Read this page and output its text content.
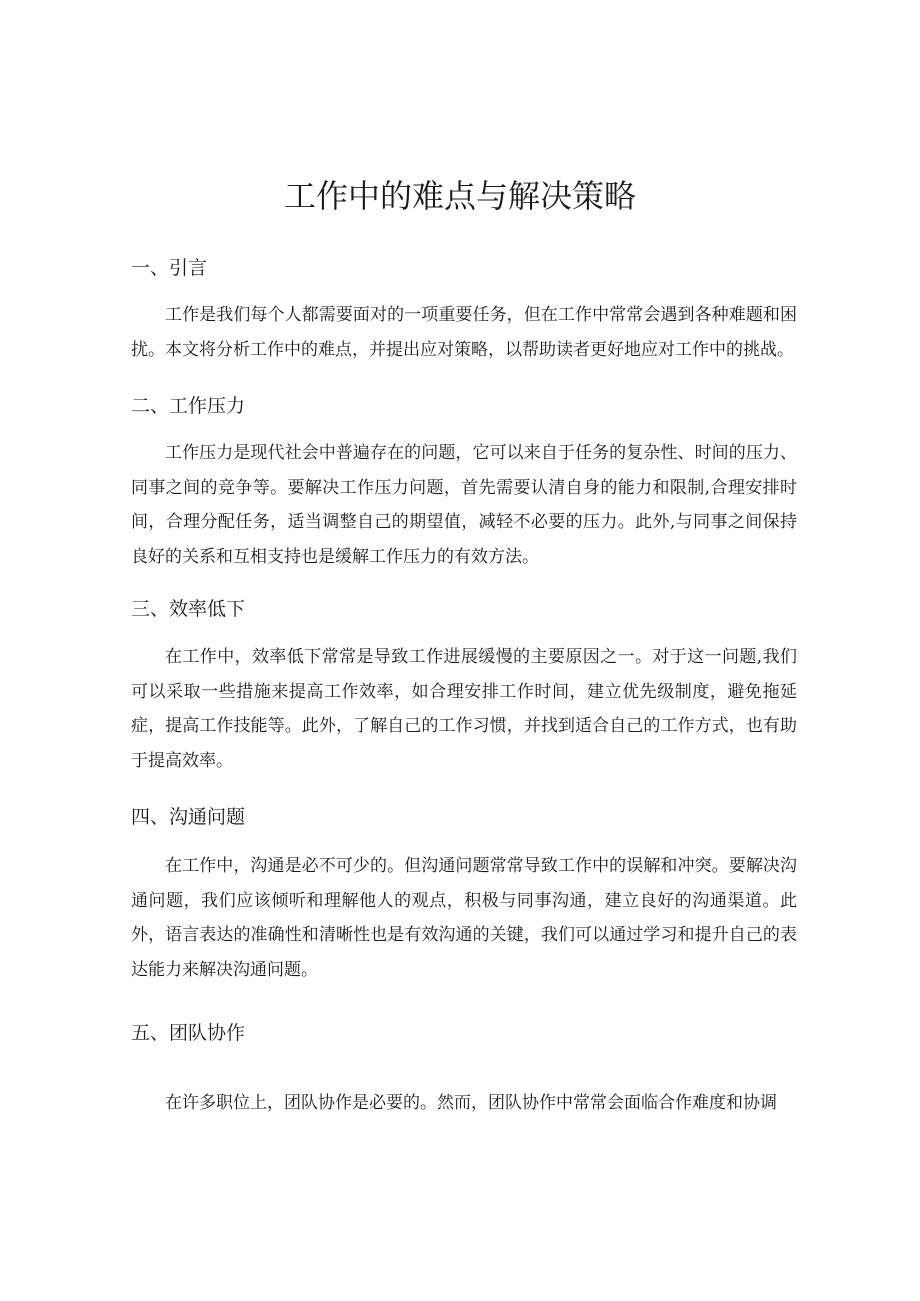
工作中的难点与解决策略
一、引言

工作是我们每个人都需要面对的一项重要任务，但在工作中常常会遇到各种难题和困扰。本文将分析工作中的难点，并提出应对策略，以帮助读者更好地应对工作中的挑战。

二、工作压力

工作压力是现代社会中普遍存在的问题，它可以来自于任务的复杂性、时间的压力、同事之间的竞争等。要解决工作压力问题，首先需要认清自身的能力和限制,合理安排时间，合理分配任务，适当调整自己的期望值，减轻不必要的压力。此外,与同事之间保持良好的关系和互相支持也是缓解工作压力的有效方法。

三、效率低下

在工作中，效率低下常常是导致工作进展缓慢的主要原因之一。对于这一问题,我们可以采取一些措施来提高工作效率，如合理安排工作时间，建立优先级制度，避免拖延症，提高工作技能等。此外，了解自己的工作习惯，并找到适合自己的工作方式，也有助于提高效率。

四、沟通问题

在工作中，沟通是必不可少的。但沟通问题常常导致工作中的误解和冲突。要解决沟通问题，我们应该倾听和理解他人的观点，积极与同事沟通，建立良好的沟通渠道。此外，语言表达的准确性和清晰性也是有效沟通的关键，我们可以通过学习和提升自己的表达能力来解决沟通问题。

五、团队协作

在许多职位上，团队协作是必要的。然而，团队协作中常常会面临合作难度和协调
